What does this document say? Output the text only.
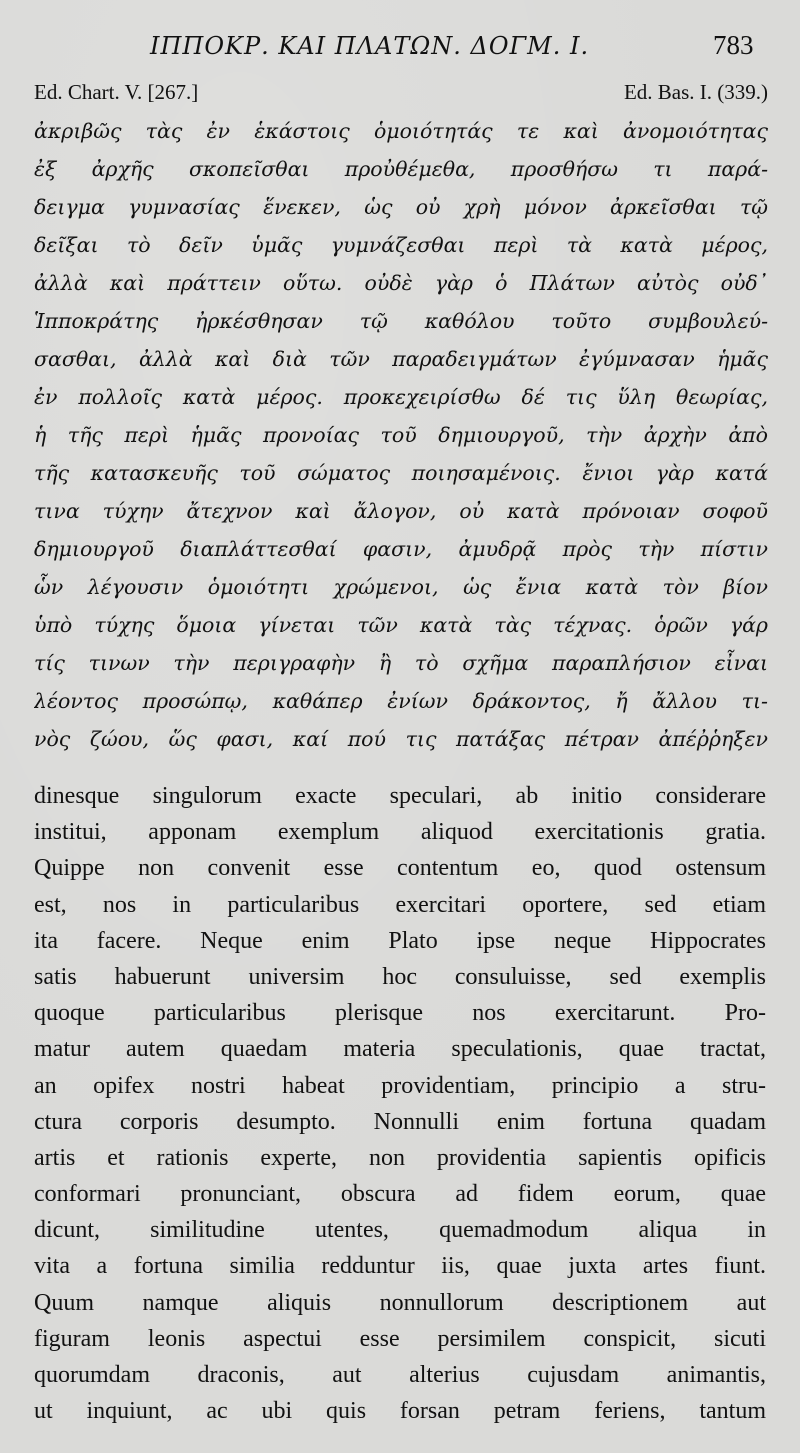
ΙΠΠΟΚΡ. ΚΑΙ ΠΛΑΤΩΝ. ΔΟΓΜ. Ι.	783
Ed. Chart. V. [267.]	Ed. Bas. I. (339.)
ἀκριβῶς τὰς ἐν ἑκάστοις ὁμοιότητάς τε καὶ ἀνομοιότητας
ἐξ ἀρχῆς σκοπεῖσθαι προὐθέμεθα, προσθήσω τι παρά-
δειγμα γυμνασίας ἕνεκεν, ὡς οὐ χρὴ μόνον ἀρκεῖσθαι τῷ
δεῖξαι τὸ δεῖν ὑμᾶς γυμνάζεσθαι περὶ τὰ κατὰ μέρος,
ἀλλὰ καὶ πράττειν οὕτω. οὐδὲ γὰρ ὁ Πλάτων αὐτὸς οὐδ᾽
Ἱπποκράτης ἠρκέσθησαν τῷ καθόλου τοῦτο συμβουλεύ-
σασθαι, ἀλλὰ καὶ διὰ τῶν παραδειγμάτων ἐγύμνασαν ἡμᾶς
ἐν πολλοῖς κατὰ μέρος. προκεχειρίσθω δέ τις ὕλη θεωρίας,
ἡ τῆς περὶ ἡμᾶς προνοίας τοῦ δημιουργοῦ, τὴν ἀρχὴν ἀπὸ
τῆς κατασκευῆς τοῦ σώματος ποιησαμένοις. ἔνιοι γὰρ κατά
τινα τύχην ἄτεχνον καὶ ἄλογον, οὐ κατὰ πρόνοιαν σοφοῦ
δημιουργοῦ διαπλάττεσθαί φασιν, ἀμυδρᾷ πρὸς τὴν πίστιν
ὧν λέγουσιν ὁμοιότητι χρώμενοι, ὡς ἔνια κατὰ τὸν βίον
ὑπὸ τύχης ὅμοια γίνεται τῶν κατὰ τὰς τέχνας. ὁρῶν γάρ
τίς τινων τὴν περιγραφὴν ἢ τὸ σχῆμα παραπλήσιον εἶναι
λέοντος προσώπῳ, καθάπερ ἐνίων δράκοντος, ἤ ἄλλου τι-
νὸς ζώου, ὥς φασι, καί πού τις πατάξας πέτραν ἀπέῤῥηξεν
dinesque singulorum exacte speculari, ab initio considerare
institui, apponam exemplum aliquod exercitationis gratia.
Quippe non convenit esse contentum eo, quod ostensum
est, nos in particularibus exercitari oportere, sed etiam
ita facere. Neque enim Plato ipse neque Hippocrates
satis habuerunt universim hoc consuluisse, sed exemplis
quoque particularibus plerisque nos exercitarunt. Pro-
matur autem quaedam materia speculationis, quae tractat,
an opifex nostri habeat providentiam, principio a stru-
ctura corporis desumpto. Nonnulli enim fortuna quadam
artis et rationis experte, non providentia sapientis opificis
conformari pronunciant, obscura ad fidem eorum, quae
dicunt, similitudine utentes, quemadmodum aliqua in
vita a fortuna similia redduntur iis, quae juxta artes fiunt.
Quum namque aliquis nonnullorum descriptionem aut
figuram leonis aspectui esse persimilem conspicit, sicuti
quorumdam draconis, aut alterius cujusdam animantis,
ut inquiunt, ac ubi quis forsan petram feriens, tantum
